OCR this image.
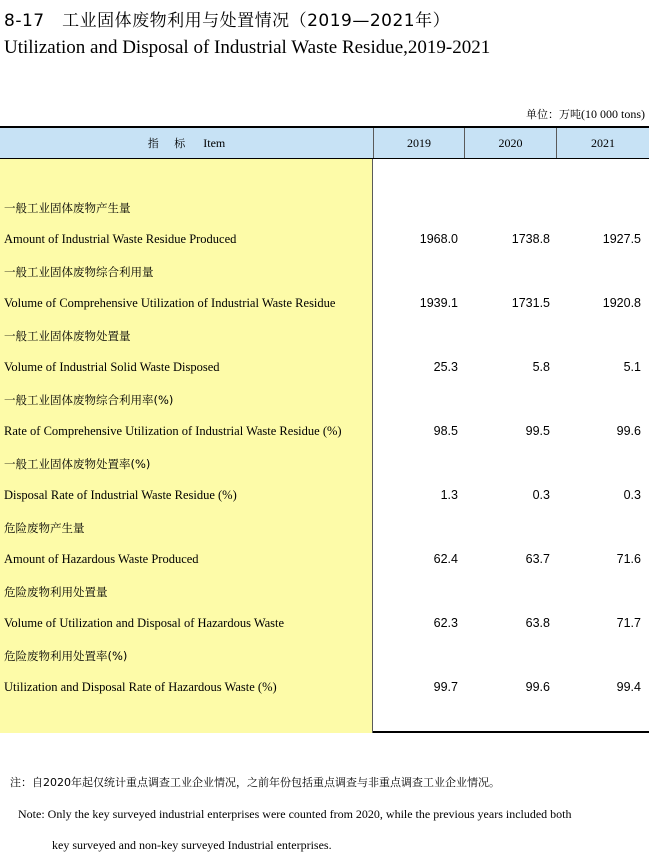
8-17　工业固体废物利用与处置情况（2019—2021年）
Utilization and Disposal of Industrial Waste Residue,2019-2021
单位：万吨(10 000 tons)
指 标 Item	2019	2020	2021
一般工业固体废物产生量
Amount of Industrial Waste Residue Produced	1968.0	1738.8	1927.5
一般工业固体废物综合利用量
Volume of Comprehensive Utilization of Industrial Waste Residue	1939.1	1731.5	1920.8
一般工业固体废物处置量
Volume of Industrial Solid Waste Disposed	25.3	5.8	5.1
一般工业固体废物综合利用率(%)
Rate of Comprehensive Utilization of Industrial Waste Residue (%)	98.5	99.5	99.6
一般工业固体废物处置率(%)
Disposal Rate of Industrial Waste Residue (%)	1.3	0.3	0.3
危险废物产生量
Amount of Hazardous Waste Produced	62.4	63.7	71.6
危险废物利用处置量
Volume of Utilization and Disposal of Hazardous Waste	62.3	63.8	71.7
危险废物利用处置率(%)
Utilization and Disposal Rate of Hazardous Waste (%)	99.7	99.6	99.4
注：自2020年起仅统计重点调查工业企业情况，之前年份包括重点调查与非重点调查工业企业情况。
Note: Only the key surveyed industrial enterprises were counted from 2020, while the previous years included both
key surveyed and non-key surveyed Industrial enterprises.
